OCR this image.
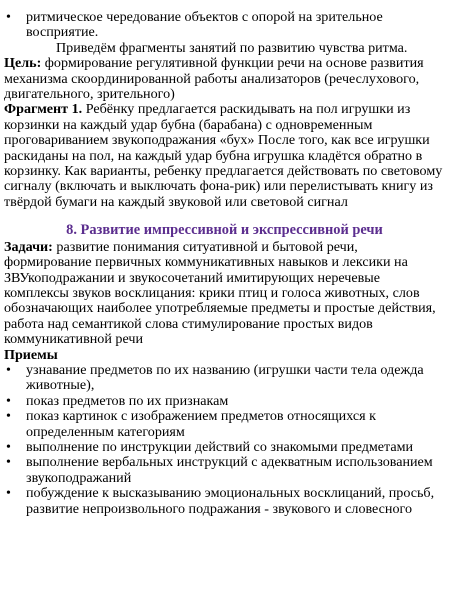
• ритмическое чередование объектов с опорой на зрительное восприятие.

Приведём фрагменты занятий по развитию чувства ритма.

Цель: формирование регулятивной функции речи на основе развития механизма скоординированной работы анализаторов (речеслухового, двигательного, зрительного)

Фрагмент 1. Ребёнку предлагается раскидывать на пол игрушки из корзинки на каждый удар бубна (барабана) с одновременным проговариванием звукоподражания «бух» После того, как все игрушки раскиданы на пол, на каждый удар бубна игрушка кладётся обратно в корзинку. Как варианты, ребенку предлагается действовать по световому сигналу (включать и выключать фона-рик) или перелистывать книгу из твёрдой бумаги на каждый звуковой или световой сигнал

8. Развитие импрессивной и экспрессивной речи

Задачи: развитие понимания ситуативной и бытовой речи, формирование первичных коммуникативных навыков и лексики на ЗВУкоподражании и звукосочетаний имитирующих неречевые комплексы звуков восклицания: крики птиц и голоса животных, слов обозначающих наиболее употребляемые предметы и простые действия,

работа над семантикой слова стимулирование простых видов коммуникативной речи

Приемы

• узнавание предметов по их названию (игрушки части тела одежда животные),
• показ предметов по их признакам
• показ картинок с изображением предметов относящихся к определенным категориям
• выполнение по инструкции действий со знакомыми предметами
• выполнение вербальных инструкций с адекватным использованием звукоподражаний
• побуждение к высказыванию эмоциональных восклицаний, просьб, развитие непроизвольного подражания - звукового и словесного
